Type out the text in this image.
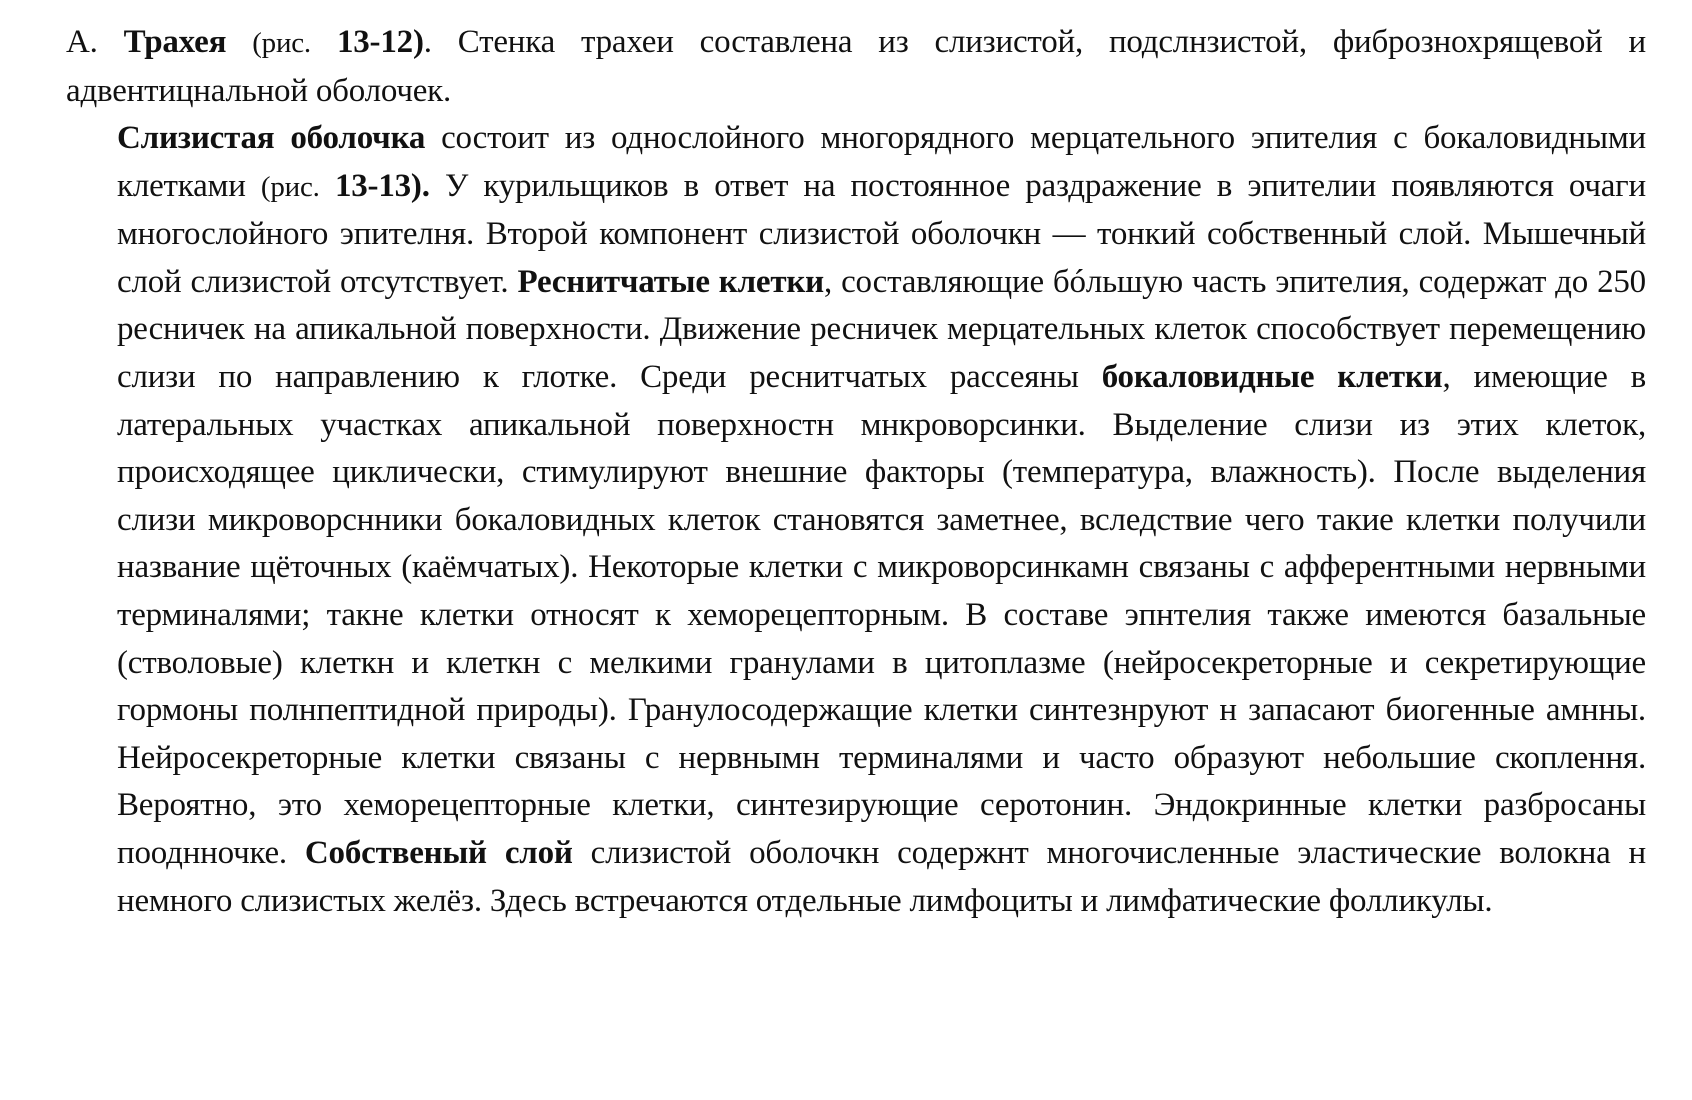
А. Трахея (рис. 13-12). Стенка трахеи составлена из слизистой, подслнзистой, фибрознохрящевой и адвентицнальной оболочек.

Слизистая оболочка состоит из однослойного многорядного мерцательного эпителия с бокаловидными клетками (рис. 13-13). У курильщиков в ответ на постоянное раздражение в эпителии появляются очаги многослойного эпителня. Второй компонент слизистой оболочкн — тонкий собственный слой. Мышечный слой слизистой отсутствует. Реснитчатые клетки, составляющие бóльшую часть эпителия, содержат до 250 ресничек на апикальной поверхности. Движение ресничек мерцательных клеток способствует перемещению слизи по направлению к глотке. Среди реснитчатых рассеяны бокаловидные клетки, имеющие в латеральных участках апикальной поверхностн мнкроворсинки. Выделение слизи из этих клеток, происходящее циклически, стимулируют внешние факторы (температура, влажность). После выделения слизи микроворснники бокаловидных клеток становятся заметнее, вследствие чего такие клетки получили название щёточных (каёмчатых). Некоторые клетки с микроворсинкамн связаны с афферентными нервными терминалями; такне клетки относят к хеморецепторным. В составе эпнтелия также имеются базальные (стволовые) клеткн и клеткн с мелкими гранулами в цитоплазме (нейросекреторные и секретирующие гормоны полнпептидной природы). Гранулосодержащие клетки синтезнруют н запасают биогенные амнны. Нейросекреторные клетки связаны с нервнымн терминалями и часто образуют небольшие скоплення. Вероятно, это хеморецепторные клетки, синтезирующие серотонин. Эндокринные клетки разбросаны пооднночке. Собственый слой слизистой оболочкн содержнт многочисленные эластические волокна н немного слизистых желёз. Здесь встречаются отдельные лимфоциты и лимфатические фолликулы.
